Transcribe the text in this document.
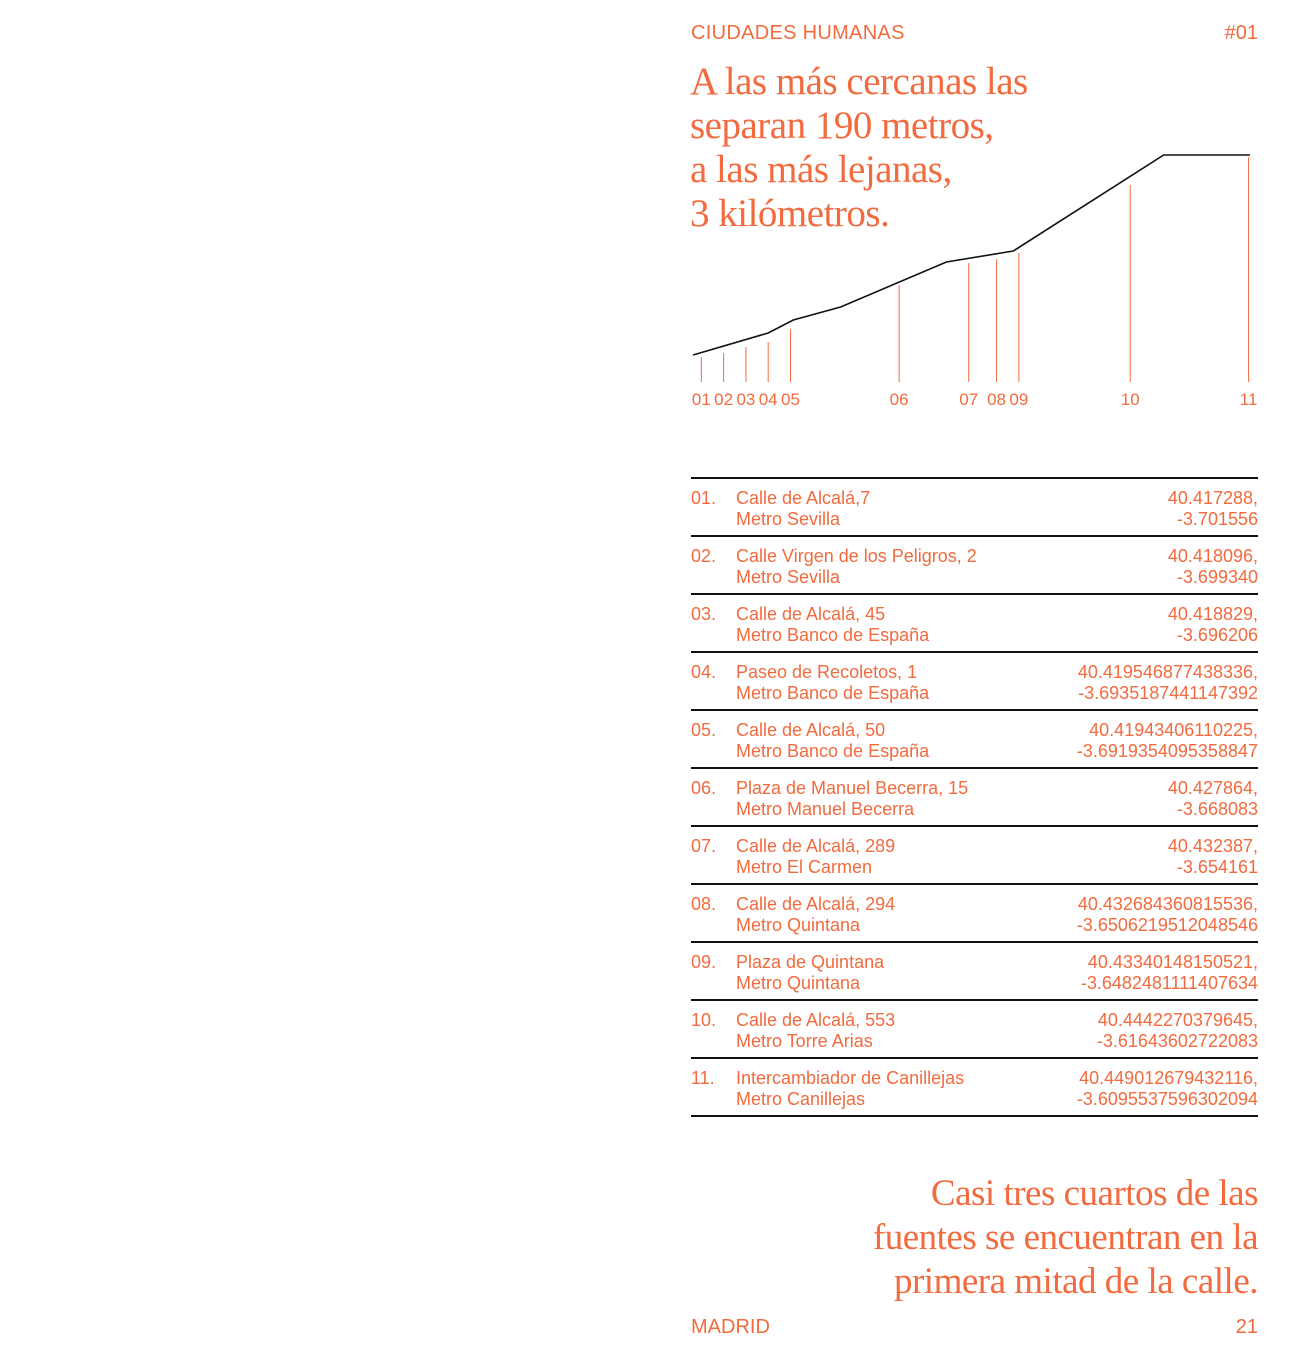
CIUDADES HUMANAS	#01
A las más cercanas las
separan 190 metros,
a las más lejanas,
3 kilómetros.
01 02 03 04 05	06	07 08 09	10	11
01. Calle de Alcalá,7
Metro Sevilla
40.417288,
-3.701556
02. Calle Virgen de los Peligros, 2
Metro Sevilla
40.418096,
-3.699340
03. Calle de Alcalá, 45
Metro Banco de España
40.418829,
-3.696206
04. Paseo de Recoletos, 1
Metro Banco de España
40.419546877438336,
-3.6935187441147392
05. Calle de Alcalá, 50
Metro Banco de España
40.41943406110225,
-3.6919354095358847
06. Plaza de Manuel Becerra, 15
Metro Manuel Becerra
40.427864,
-3.668083
07. Calle de Alcalá, 289
Metro El Carmen
40.432387,
-3.654161
08. Calle de Alcalá, 294
Metro Quintana
40.432684360815536,
-3.6506219512048546
09. Plaza de Quintana
Metro Quintana
40.43340148150521,
-3.6482481111407634
10. Calle de Alcalá, 553
Metro Torre Arias
40.4442270379645,
-3.61643602722083
11. Intercambiador de Canillejas
Metro Canillejas
40.449012679432116,
-3.6095537596302094
Casi tres cuartos de las
fuentes se encuentran en la
primera mitad de la calle.
MADRID	21
